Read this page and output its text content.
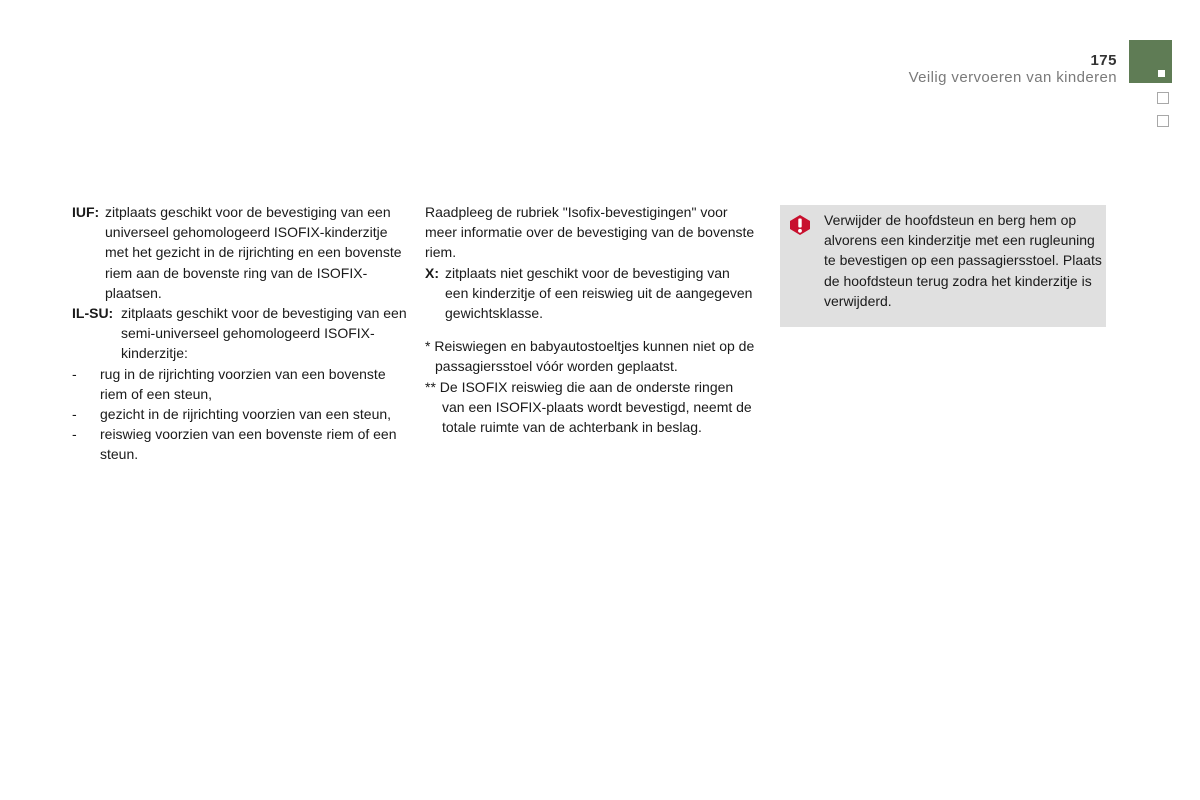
175
Veilig vervoeren van kinderen
IUF: zitplaats geschikt voor de bevestiging van een universeel gehomologeerd ISOFIX-kinderzitje met het gezicht in de rijrichting en een bovenste riem aan de bovenste ring van de ISOFIX-plaatsen.
IL-SU: zitplaats geschikt voor de bevestiging van een semi-universeel gehomologeerd ISOFIX-kinderzitje:
- rug in de rijrichting voorzien van een bovenste riem of een steun,
- gezicht in de rijrichting voorzien van een steun,
- reiswieg voorzien van een bovenste riem of een steun.

Raadpleeg de rubriek "Isofix-bevestigingen" voor meer informatie over de bevestiging van de bovenste riem.

X: zitplaats niet geschikt voor de bevestiging van een kinderzitje of een reiswieg uit de aangegeven gewichtsklasse.

* Reiswiegen en babyautostoeltjes kunnen niet op de passagiersstoel vóór worden geplaatst.

** De ISOFIX reiswieg die aan de onderste ringen van een ISOFIX-plaats wordt bevestigd, neemt de totale ruimte van de achterbank in beslag.

Verwijder de hoofdsteun en berg hem op alvorens een kinderzitje met een rugleuning te bevestigen op een passagiersstoel. Plaats de hoofdsteun terug zodra het kinderzitje is verwijderd.
